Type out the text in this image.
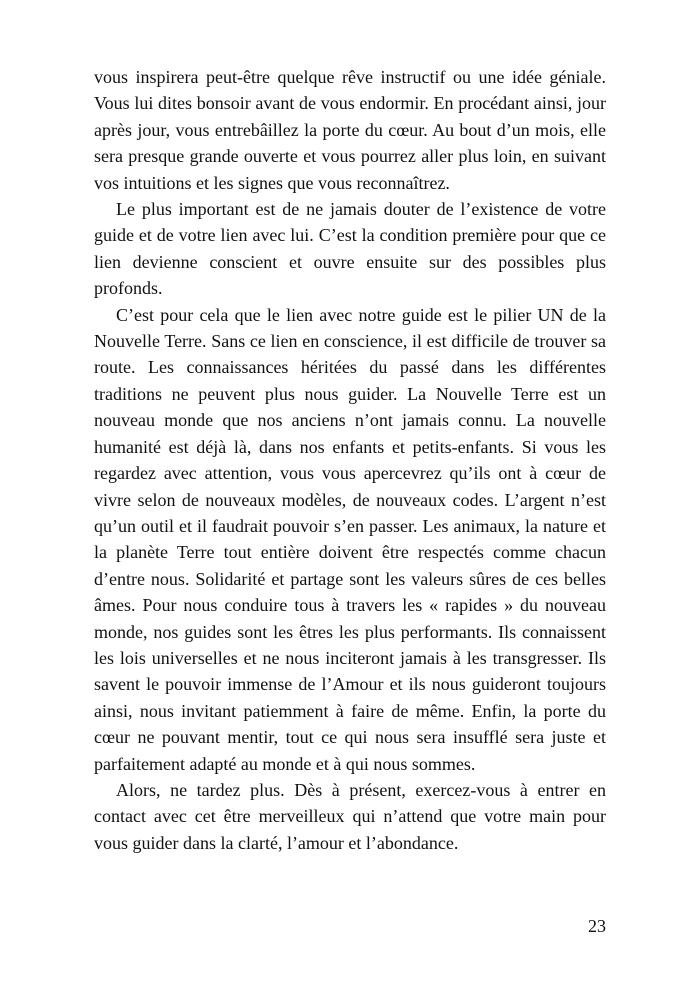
vous inspirera peut-être quelque rêve instructif ou une idée géniale. Vous lui dites bonsoir avant de vous endormir. En procédant ainsi, jour après jour, vous entrebâillez la porte du cœur. Au bout d’un mois, elle sera presque grande ouverte et vous pourrez aller plus loin, en suivant vos intuitions et les signes que vous reconnaîtrez.

Le plus important est de ne jamais douter de l’existence de votre guide et de votre lien avec lui. C’est la condition première pour que ce lien devienne conscient et ouvre ensuite sur des possibles plus profonds.

C’est pour cela que le lien avec notre guide est le pilier UN de la Nouvelle Terre. Sans ce lien en conscience, il est difficile de trouver sa route. Les connaissances héritées du passé dans les différentes traditions ne peuvent plus nous guider. La Nouvelle Terre est un nouveau monde que nos anciens n’ont jamais connu. La nouvelle humanité est déjà là, dans nos enfants et petits-enfants. Si vous les regardez avec attention, vous vous apercevrez qu’ils ont à cœur de vivre selon de nouveaux modèles, de nouveaux codes. L’argent n’est qu’un outil et il faudrait pouvoir s’en passer. Les animaux, la nature et la planète Terre tout entière doivent être respectés comme chacun d’entre nous. Solidarité et partage sont les valeurs sûres de ces belles âmes. Pour nous conduire tous à travers les « rapides » du nouveau monde, nos guides sont les êtres les plus performants. Ils connaissent les lois universelles et ne nous inciteront jamais à les transgresser. Ils savent le pouvoir immense de l’Amour et ils nous guideront toujours ainsi, nous invitant patiemment à faire de même. Enfin, la porte du cœur ne pouvant mentir, tout ce qui nous sera insufflé sera juste et parfaitement adapté au monde et à qui nous sommes.

Alors, ne tardez plus. Dès à présent, exercez-vous à entrer en contact avec cet être merveilleux qui n’attend que votre main pour vous guider dans la clarté, l’amour et l’abondance.

23
